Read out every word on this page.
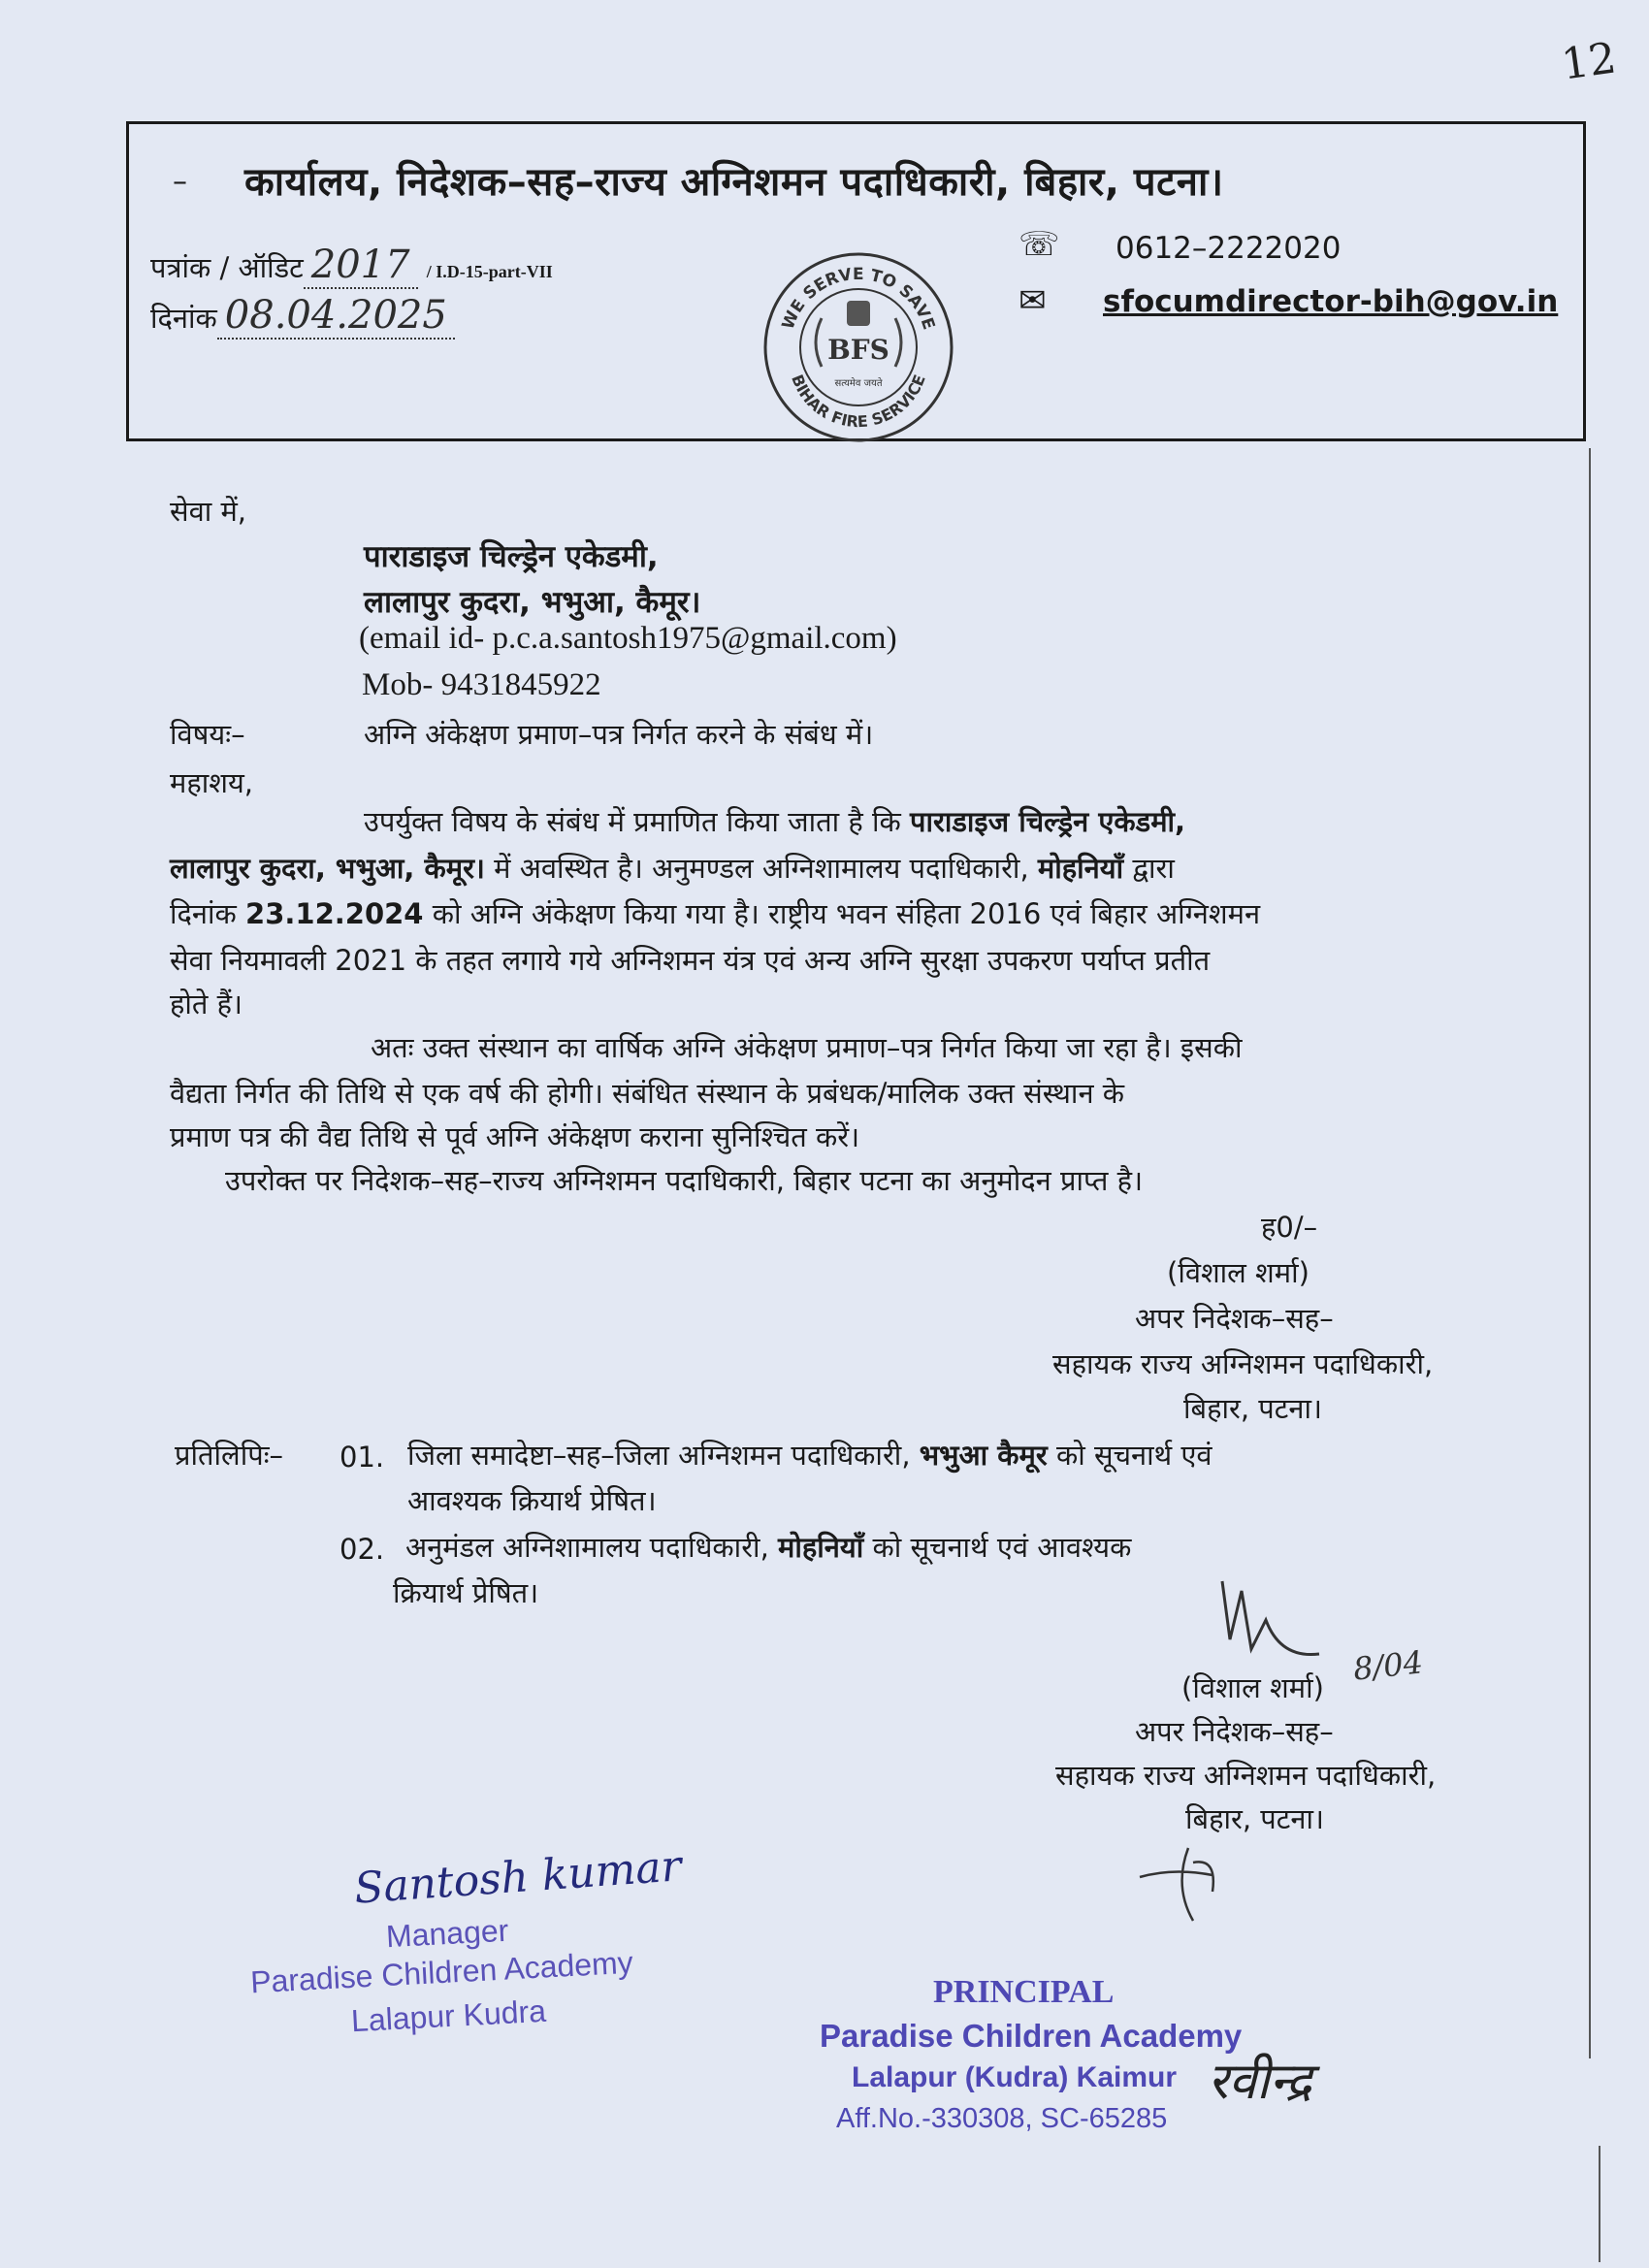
12
– कार्यालय, निदेशक–सह–राज्य अग्निशमन पदाधिकारी, बिहार, पटना।
पत्रांक / ऑडिट 2017 / I.D-15-part-VII
दिनांक 08.04.2025	WE SERVE TO SAVE
BIHAR FIRE SERVICE
BFS
सत्यमेव जयते
☏ 0612–2222020
✉ sfocumdirector-bih@gov.in
सेवा में,
पाराडाइज चिल्ड्रेन एकेडमी,
लालापुर कुदरा, भभुआ, कैमूर।
(email id- p.c.a.santosh1975@gmail.com)
Mob- 9431845922
विषयः–	अग्नि अंकेक्षण प्रमाण–पत्र निर्गत करने के संबंध में।
महाशय,
उपर्युक्त विषय के संबंध में प्रमाणित किया जाता है कि पाराडाइज चिल्ड्रेन एकेडमी,
लालापुर कुदरा, भभुआ, कैमूर। में अवस्थित है। अनुमण्डल अग्निशामालय पदाधिकारी, मोहनियाँ द्वारा
दिनांक 23.12.2024 को अग्नि अंकेक्षण किया गया है। राष्ट्रीय भवन संहिता 2016 एवं बिहार अग्निशमन
सेवा नियमावली 2021 के तहत लगाये गये अग्निशमन यंत्र एवं अन्य अग्नि सुरक्षा उपकरण पर्याप्त प्रतीत
होते हैं।
अतः उक्त संस्थान का वार्षिक अग्नि अंकेक्षण प्रमाण–पत्र निर्गत किया जा रहा है। इसकी
वैद्यता निर्गत की तिथि से एक वर्ष की होगी। संबंधित संस्थान के प्रबंधक/मालिक उक्त संस्थान के
प्रमाण पत्र की वैद्य तिथि से पूर्व अग्नि अंकेक्षण कराना सुनिश्चित करें।
उपरोक्त पर निदेशक–सह–राज्य अग्निशमन पदाधिकारी, बिहार पटना का अनुमोदन प्राप्त है।
ह0/–
(विशाल शर्मा)
अपर निदेशक–सह–
सहायक राज्य अग्निशमन पदाधिकारी,
बिहार, पटना।
प्रतिलिपिः– 01. जिला समादेष्टा–सह–जिला अग्निशमन पदाधिकारी, भभुआ कैमूर को सूचनार्थ एवं
आवश्यक क्रियार्थ प्रेषित।
02. अनुमंडल अग्निशामालय पदाधिकारी, मोहनियाँ को सूचनार्थ एवं आवश्यक
क्रियार्थ प्रेषित।
8/04
(विशाल शर्मा)
अपर निदेशक–सह–
सहायक राज्य अग्निशमन पदाधिकारी,
बिहार, पटना।
Santosh kumar
Manager
Paradise Children Academy
Lalapur Kudra
PRINCIPAL
Paradise Children Academy
Lalapur (Kudra) Kaimur
Aff.No.-330308, SC-65285
रवीन्द्र
